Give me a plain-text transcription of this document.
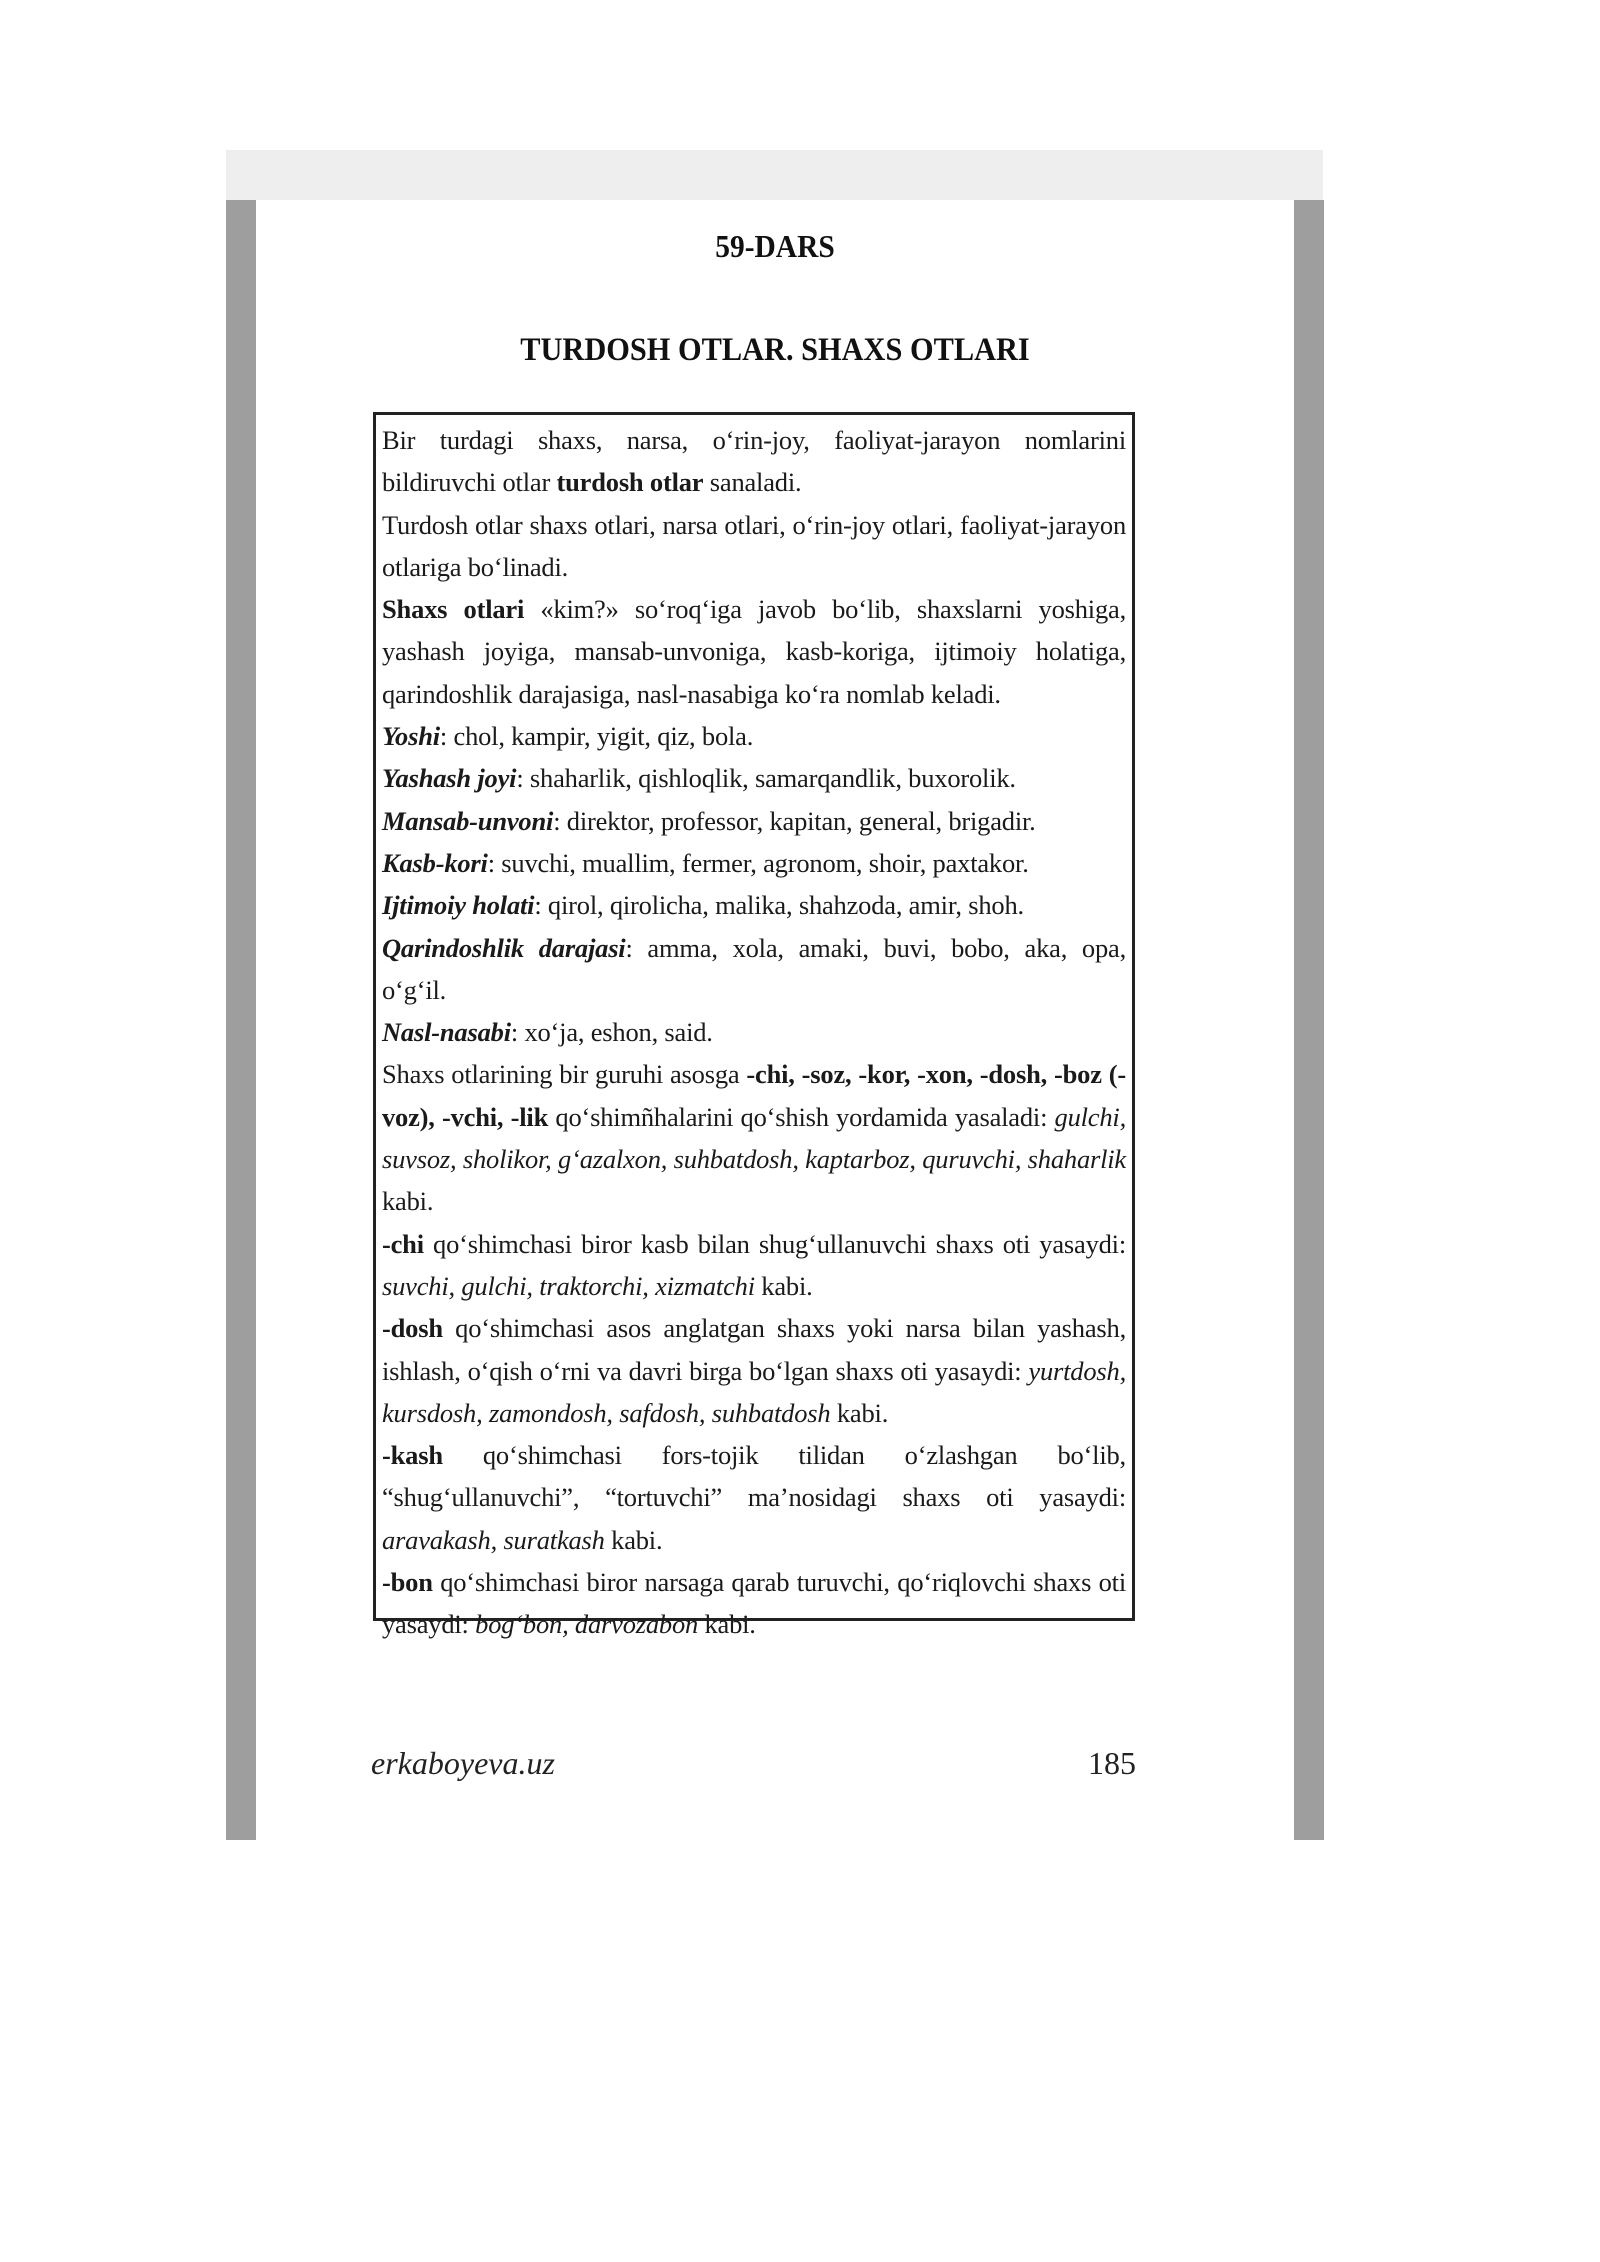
59-DARS
TURDOSH OTLAR. SHAXS OTLARI

Bir turdagi shaxs, narsa, o‘rin-joy, faoliyat-jarayon nomlarini bildiruvchi otlar turdosh otlar sanaladi.

Turdosh otlar shaxs otlari, narsa otlari, o‘rin-joy otlari, faoliyat-jarayon otlariga bo‘linadi.

Shaxs otlari «kim?» so‘roq‘iga javob bo‘lib, shaxslarni yoshiga, yashash joyiga, mansab-unvoniga, kasb-koriga, ijtimoiy holatiga, qarindoshlik darajasiga, nasl-nasabiga ko‘ra nomlab keladi.

Yoshi: chol, kampir, yigit, qiz, bola.

Yashash joyi: shaharlik, qishloqlik, samarqandlik, buxorolik.

Mansab-unvoni: direktor, professor, kapitan, general, brigadir.

Kasb-kori: suvchi, muallim, fermer, agronom, shoir, paxtakor.

Ijtimoiy holati: qirol, qirolicha, malika, shahzoda, amir, shoh.

Qarindoshlik darajasi: amma, xola, amaki, buvi, bobo, aka, opa, o‘g‘il.

Nasl-nasabi: xo‘ja, eshon, said.

Shaxs otlarining bir guruhi asosga -chi, -soz, -kor, -xon, -dosh, -boz (-voz), -vchi, -lik qo‘shimñhalarini qo‘shish yordamida yasaladi: gulchi, suvsoz, sholikor, g‘azalxon, suhbatdosh, kaptarboz, quruvchi, shaharlik kabi.

-chi qo‘shimchasi biror kasb bilan shug‘ullanuvchi shaxs oti yasaydi: suvchi, gulchi, traktorchi, xizmatchi kabi.

-dosh qo‘shimchasi asos anglatgan shaxs yoki narsa bilan yashash, ishlash, o‘qish o‘rni va davri birga bo‘lgan shaxs oti yasaydi: yurtdosh, kursdosh, zamondosh, safdosh, suhbatdosh kabi.

-kash qo‘shimchasi fors-tojik tilidan o‘zlashgan bo‘lib, “shug‘ullanuvchi”, “tortuvchi” ma’nosidagi shaxs oti yasaydi: aravakash, suratkash kabi.

-bon qo‘shimchasi biror narsaga qarab turuvchi, qo‘riqlovchi shaxs oti yasaydi: bog‘bon, darvozabon kabi.

erkaboyeva.uz	185
